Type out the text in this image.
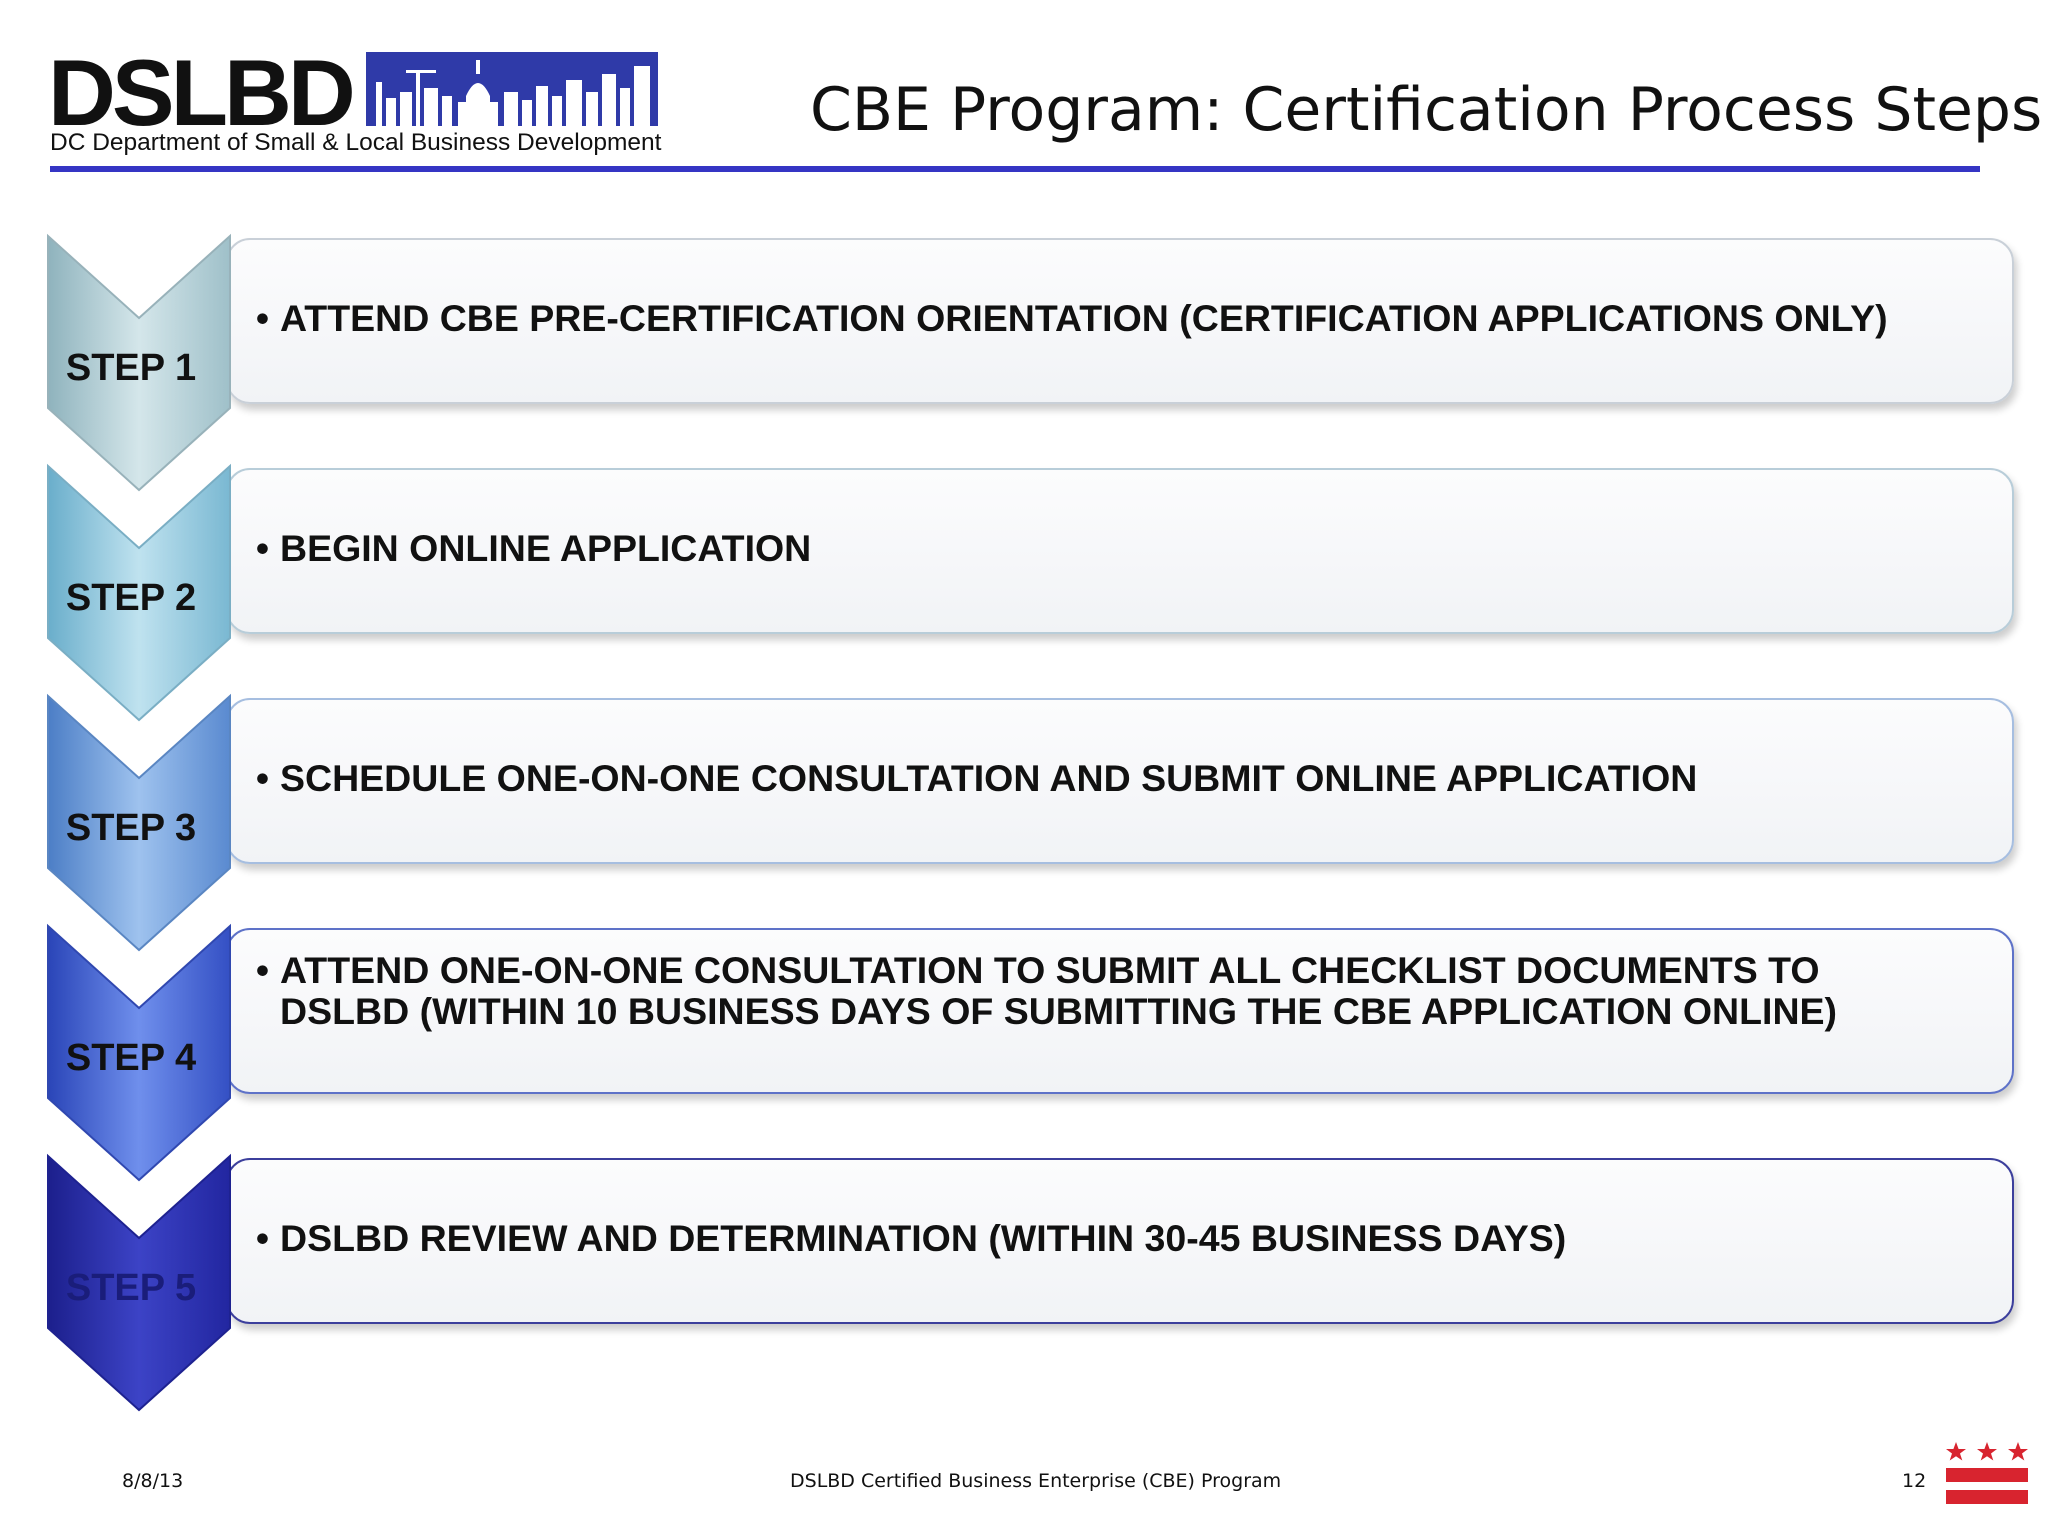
DSLBD
DC Department of Small & Local Business Development CBE Program: Certification Process Steps
• ATTEND CBE PRE-CERTIFICATION ORIENTATION (CERTIFICATION APPLICATIONS ONLY)
STEP 1
• BEGIN ONLINE APPLICATION
STEP 2
• SCHEDULE ONE-ON-ONE CONSULTATION AND SUBMIT ONLINE APPLICATION
STEP 3
• ATTEND ONE-ON-ONE CONSULTATION TO SUBMIT ALL CHECKLIST DOCUMENTS TO
DSLBD (WITHIN 10 BUSINESS DAYS OF SUBMITTING THE CBE APPLICATION ONLINE)
STEP 4
• DSLBD REVIEW AND DETERMINATION (WITHIN 30-45 BUSINESS DAYS)
STEP 5
8/8/13	DSLBD Certified Business Enterprise (CBE) Program	12
